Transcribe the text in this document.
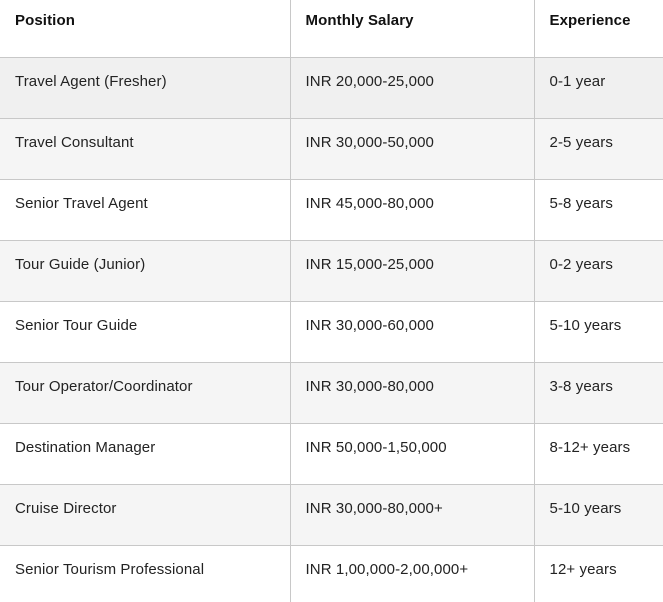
Position	Monthly Salary	Experience
Travel Agent (Fresher)	INR 20,000-25,000	0-1 year
Travel Consultant	INR 30,000-50,000	2-5 years
Senior Travel Agent	INR 45,000-80,000	5-8 years
Tour Guide (Junior)	INR 15,000-25,000	0-2 years
Senior Tour Guide	INR 30,000-60,000	5-10 years
Tour Operator/Coordinator	INR 30,000-80,000	3-8 years
Destination Manager	INR 50,000-1,50,000	8-12+ years
Cruise Director	INR 30,000-80,000+	5-10 years
Senior Tourism Professional	INR 1,00,000-2,00,000+	12+ years
